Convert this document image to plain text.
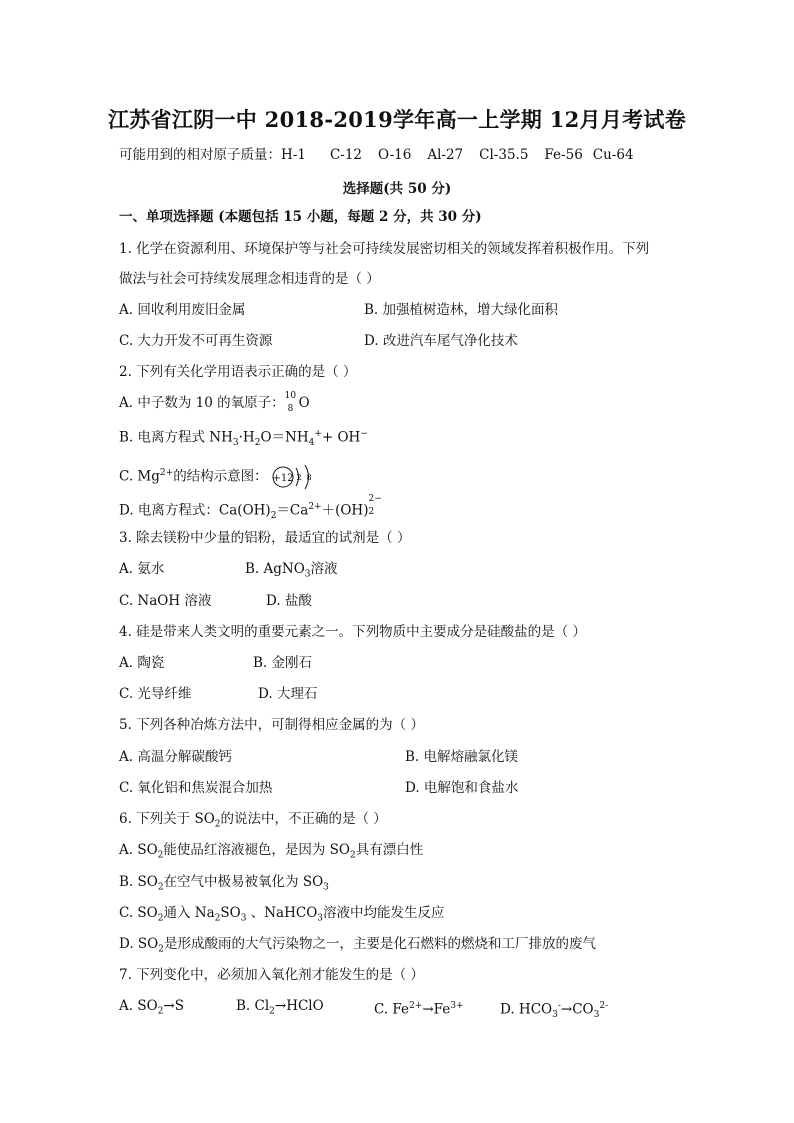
江苏省江阴一中 2018-2019学年高一上学期 12月月考试卷
可能用到的相对原子质量：H-1 C-12 O-16 Al-27 Cl-35.5 Fe-56 Cu-64
选择题(共 50 分)
一、单项选择题 (本题包括 15 小题，每题 2 分，共 30 分)
1. 化学在资源利用、环境保护等与社会可持续发展密切相关的领域发挥着积极作用。下列
做法与社会可持续发展理念相违背的是（ ）
A. 回收利用废旧金属	B. 加强植树造林，增大绿化面积
C. 大力开发不可再生资源	D. 改进汽车尾气净化技术
2. 下列有关化学用语表示正确的是（ ）
A. 中子数为 10 的氧原子： 10
8 O
B. 电离方程式 $NH_3\cdot H_2O=NH_4^++ OH^-$
C. $Mg^{2+}$的结构示意图： +12 2 8
D. 电离方程式：$Ca(OH)_2=Ca^{2+}+(OH)$
2−
2
3. 除去镁粉中少量的铝粉，最适宜的试剂是（ ）
A. 氨水	B. AgNO$_3$溶液
C. NaOH 溶液	D. 盐酸
4. 硅是带来人类文明的重要元素之一。下列物质中主要成分是硅酸盐的是（ ）
A. 陶瓷	B. 金刚石
C. 光导纤维	D. 大理石
5. 下列各种冶炼方法中，可制得相应金属的为（ ）
A. 高温分解碳酸钙	B. 电解熔融氯化镁
C. 氧化铝和焦炭混合加热	D. 电解饱和食盐水
6. 下列关于 $SO_2$的说法中，不正确的是（ ）
A. $SO_2$能使品红溶液褪色，是因为 $SO_2$具有漂白性
B. $SO_2$在空气中极易被氧化为 $SO_3$
C. $SO_2$通入 $Na_2SO_3$ 、NaHCO$_3$溶液中均能发生反应
D. $SO_2$是形成酸雨的大气污染物之一，主要是化石燃料的燃烧和工厂排放的废气
7. 下列变化中，必须加入氧化剂才能发生的是（ ）
A. $SO_2\to S$	B. $Cl_2\to HClO$	C. $Fe^{2+}\to Fe^{3+}$	D. $HCO_3^-\to CO_3^{2-}$
